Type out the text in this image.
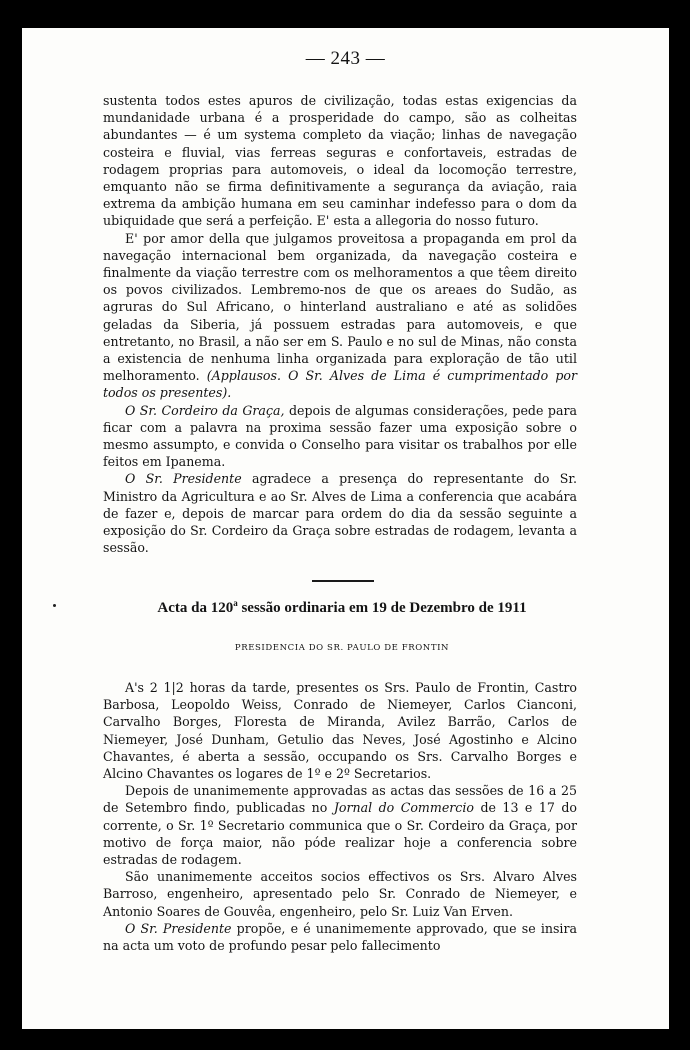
— 243 —

sustenta todos estes apuros de civilização, todas estas exigencias da mundanidade urbana é a prosperidade do campo, são as colheitas abundantes — é um systema completo da viação; linhas de navegação costeira e fluvial, vias ferreas seguras e confortaveis, estradas de rodagem proprias para automoveis, o ideal da locomoção terrestre, emquanto não se firma definitivamente a segurança da aviação, raia extrema da ambição humana em seu caminhar indefesso para o dom da ubiquidade que será a perfeição. E' esta a allegoria do nosso futuro.

E' por amor della que julgamos proveitosa a propaganda em prol da navegação internacional bem organizada, da navegação costeira e finalmente da viação terrestre com os melhoramentos a que têem direito os povos civilizados. Lembremo-nos de que os areaes do Sudão, as agruras do Sul Africano, o hinterland australiano e até as solidões geladas da Siberia, já possuem estradas para automoveis, e que entretanto, no Brasil, a não ser em S. Paulo e no sul de Minas, não consta a existencia de nenhuma linha organizada para exploração de tão util melhoramento. (Applausos. O Sr. Alves de Lima é cumprimentado por todos os presentes).

O Sr. Cordeiro da Graça, depois de algumas considerações, pede para ficar com a palavra na proxima sessão fazer uma exposição sobre o mesmo assumpto, e convida o Conselho para visitar os trabalhos por elle feitos em Ipanema.

O Sr. Presidente agradece a presença do representante do Sr. Ministro da Agricultura e ao Sr. Alves de Lima a conferencia que acabára de fazer e, depois de marcar para ordem do dia da sessão seguinte a exposição do Sr. Cordeiro da Graça sobre estradas de rodagem, levanta a sessão.

Acta da 120$^a$ sessão ordinaria em 19 de Dezembro de 1911
PRESIDENCIA DO SR. PAULO DE FRONTIN

A's 2 1|2 horas da tarde, presentes os Srs. Paulo de Frontin, Castro Barbosa, Leopoldo Weiss, Conrado de Niemeyer, Carlos Cianconi, Carvalho Borges, Floresta de Miranda, Avilez Barrão, Carlos de Niemeyer, José Dunham, Getulio das Neves, José Agostinho e Alcino Chavantes, é aberta a sessão, occupando os Srs. Carvalho Borges e Alcino Chavantes os logares de 1º e 2º Secretarios.

Depois de unanimemente approvadas as actas das sessões de 16 a 25 de Setembro findo, publicadas no Jornal do Commercio de 13 e 17 do corrente, o Sr. 1º Secretario communica que o Sr. Cordeiro da Graça, por motivo de força maior, não póde realizar hoje a conferencia sobre estradas de rodagem.

São unanimemente acceitos socios effectivos os Srs. Alvaro Alves Barroso, engenheiro, apresentado pelo Sr. Conrado de Niemeyer, e Antonio Soares de Gouvêa, engenheiro, pelo Sr. Luiz Van Erven.

O Sr. Presidente propõe, e é unanimemente approvado, que se insira na acta um voto de profundo pesar pelo fallecimento
